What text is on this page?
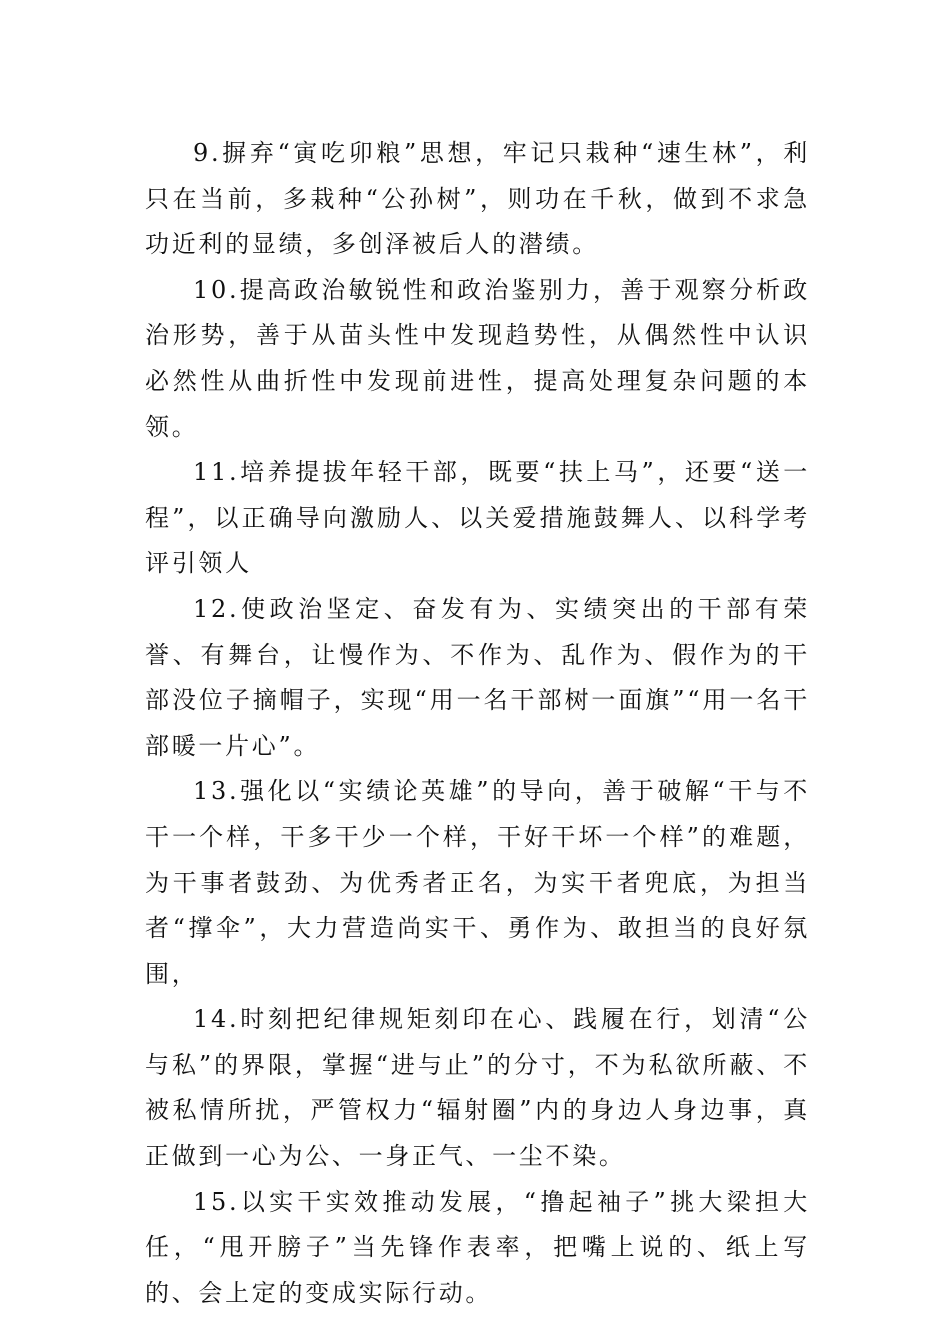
9.摒弃“寅吃卯粮”思想，牢记只栽种“速生林”，利只在当前，多栽种“公孙树”，则功在千秋，做到不求急功近利的显绩，多创泽被后人的潜绩。

10.提高政治敏锐性和政治鉴别力，善于观察分析政治形势，善于从苗头性中发现趋势性，从偶然性中认识必然性从曲折性中发现前进性，提高处理复杂问题的本领。

11.培养提拔年轻干部，既要“扶上马”，还要“送一程”，以正确导向激励人、以关爱措施鼓舞人、以科学考评引领人

12.使政治坚定、奋发有为、实绩突出的干部有荣誉、有舞台，让慢作为、不作为、乱作为、假作为的干部没位子摘帽子，实现“用一名干部树一面旗”“用一名干部暖一片心”。

13.强化以“实绩论英雄”的导向，善于破解“干与不干一个样，干多干少一个样，干好干坏一个样”的难题，为干事者鼓劲、为优秀者正名，为实干者兜底，为担当者“撑伞”，大力营造尚实干、勇作为、敢担当的良好氛围，

14.时刻把纪律规矩刻印在心、践履在行，划清“公与私”的界限，掌握“进与止”的分寸，不为私欲所蔽、不被私情所扰，严管权力“辐射圈”内的身边人身边事，真正做到一心为公、一身正气、一尘不染。

15.以实干实效推动发展，“撸起袖子”挑大梁担大任，“甩开膀子”当先锋作表率，把嘴上说的、纸上写的、会上定的变成实际行动。
